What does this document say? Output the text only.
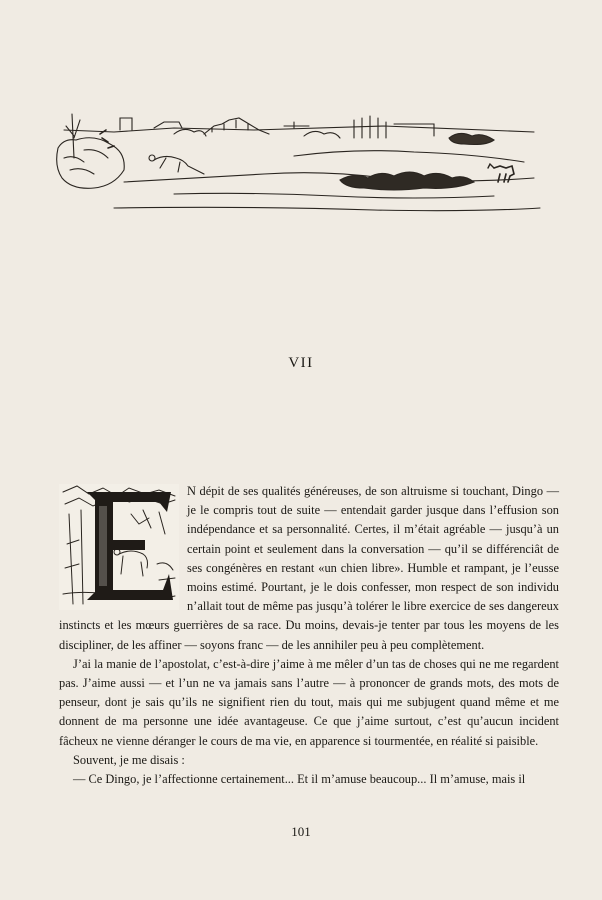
VII

N dépit de ses qualités généreuses, de son altruisme si touchant, Dingo — je le compris tout de suite — entendait garder jusque dans l’effusion son indépendance et sa personnalité. Certes, il m’était agréable — jusqu’à un certain point et seulement dans la conversation — qu’il se différenciât de ses congénères en restant «un chien libre». Humble et rampant, je l’eusse moins estimé. Pourtant, je le dois confesser, mon respect de son individu n’allait tout de même pas jusqu’à tolérer le libre exercice de ses dangereux instincts et les mœurs guerrières de sa race. Du moins, devais-je tenter par tous les moyens de les discipliner, de les affiner — soyons franc — de les annihiler peu à peu complètement.

J’ai la manie de l’apostolat, c’est-à-dire j’aime à me mêler d’un tas de choses qui ne me regardent pas. J’aime aussi — et l’un ne va jamais sans l’autre — à prononcer de grands mots, des mots de penseur, dont je sais qu’ils ne signifient rien du tout, mais qui me subjugent quand même et me donnent de ma personne une idée avantageuse. Ce que j’aime surtout, c’est qu’aucun incident fâcheux ne vienne déranger le cours de ma vie, en apparence si tourmentée, en réalité si paisible.

Souvent, je me disais :

— Ce Dingo, je l’affectionne certainement... Et il m’amuse beaucoup... Il m’amuse, mais il

101
